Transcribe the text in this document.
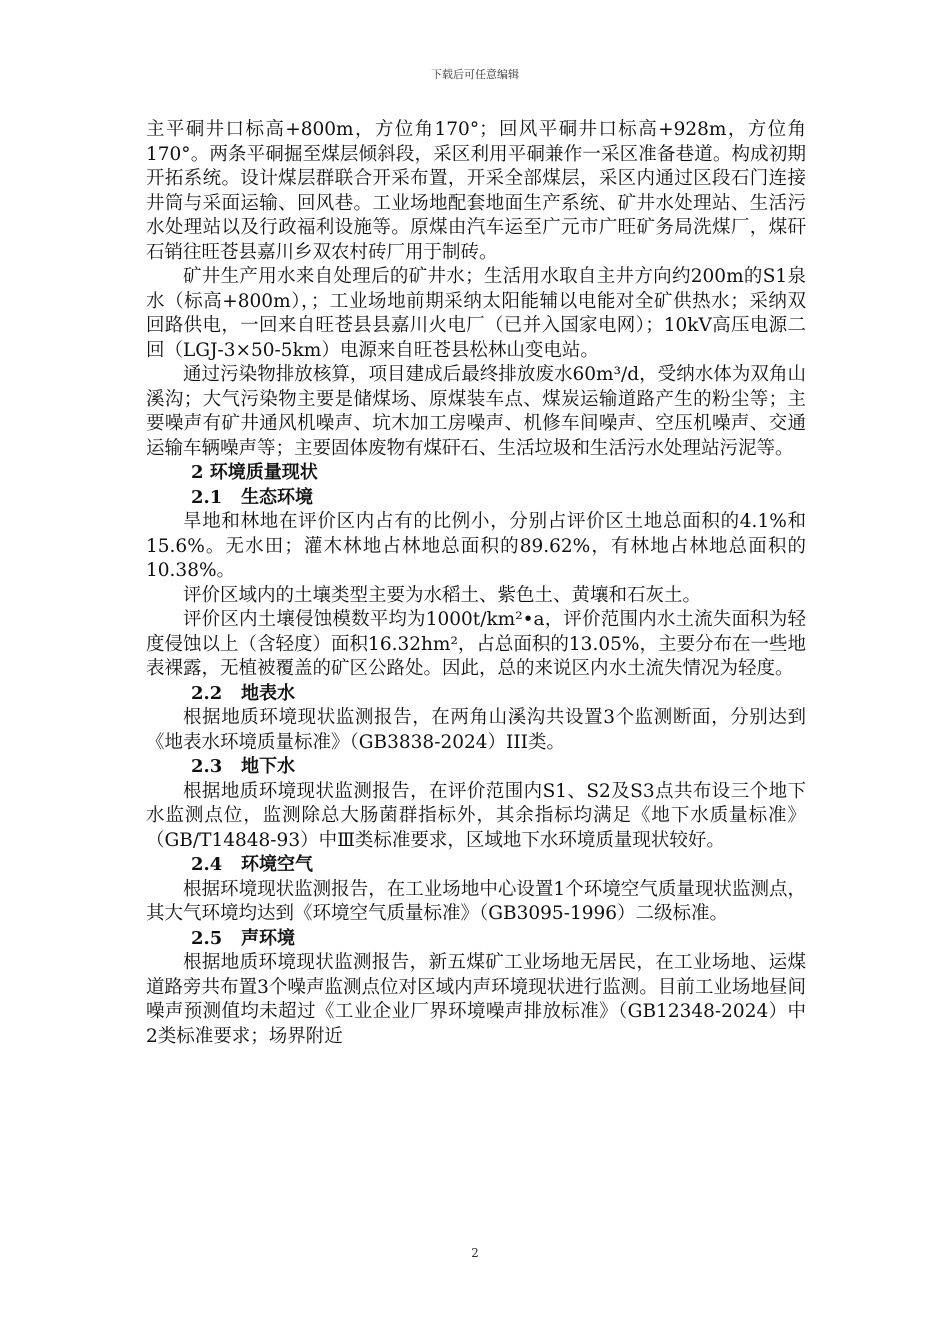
下载后可任意编辑

主平硐井口标高+800m，方位角170°；回风平硐井口标高+928m，方位角170°。两条平硐掘至煤层倾斜段，采区利用平硐兼作一采区准备巷道。构成初期开拓系统。设计煤层群联合开采布置，开采全部煤层，采区内通过区段石门连接井筒与采面运输、回风巷。工业场地配套地面生产系统、矿井水处理站、生活污水处理站以及行政福利设施等。原煤由汽车运至广元市广旺矿务局洗煤厂，煤矸石销往旺苍县嘉川乡双农村砖厂用于制砖。

矿井生产用水来自处理后的矿井水；生活用水取自主井方向约200m的S1泉水（标高+800m），；工业场地前期采纳太阳能辅以电能对全矿供热水；采纳双回路供电，一回来自旺苍县县嘉川火电厂（已并入国家电网）；10kV高压电源二回（LGJ-3×50-5km）电源来自旺苍县松林山变电站。

通过污染物排放核算，项目建成后最终排放废水60m³/d，受纳水体为双角山溪沟；大气污染物主要是储煤场、原煤装车点、煤炭运输道路产生的粉尘等；主要噪声有矿井通风机噪声、坑木加工房噪声、机修车间噪声、空压机噪声、交通运输车辆噪声等；主要固体废物有煤矸石、生活垃圾和生活污水处理站污泥等。

2 环境质量现状
2.1 生态环境

旱地和林地在评价区内占有的比例小，分别占评价区土地总面积的4.1%和15.6%。无水田；灌木林地占林地总面积的89.62%，有林地占林地总面积的10.38%。

评价区域内的土壤类型主要为水稻土、紫色土、黄壤和石灰土。

评价区内土壤侵蚀模数平均为1000t/km²•a，评价范围内水土流失面积为轻度侵蚀以上（含轻度）面积16.32hm²，占总面积的13.05%，主要分布在一些地表裸露，无植被覆盖的矿区公路处。因此，总的来说区内水土流失情况为轻度。

2.2 地表水

根据地质环境现状监测报告，在两角山溪沟共设置3个监测断面，分别达到《地表水环境质量标准》（GB3838-2024）III类。

2.3 地下水

根据地质环境现状监测报告，在评价范围内S1、S2及S3点共布设三个地下水监测点位，监测除总大肠菌群指标外，其余指标均满足《地下水质量标准》（GB/T14848-93）中Ⅲ类标准要求，区域地下水环境质量现状较好。

2.4 环境空气

根据环境现状监测报告，在工业场地中心设置1个环境空气质量现状监测点，其大气环境均达到《环境空气质量标准》（GB3095-1996）二级标准。

2.5 声环境

根据地质环境现状监测报告，新五煤矿工业场地无居民，在工业场地、运煤道路旁共布置3个噪声监测点位对区域内声环境现状进行监测。目前工业场地昼间噪声预测值均未超过《工业企业厂界环境噪声排放标准》（GB12348-2024）中2类标准要求；场界附近

2
